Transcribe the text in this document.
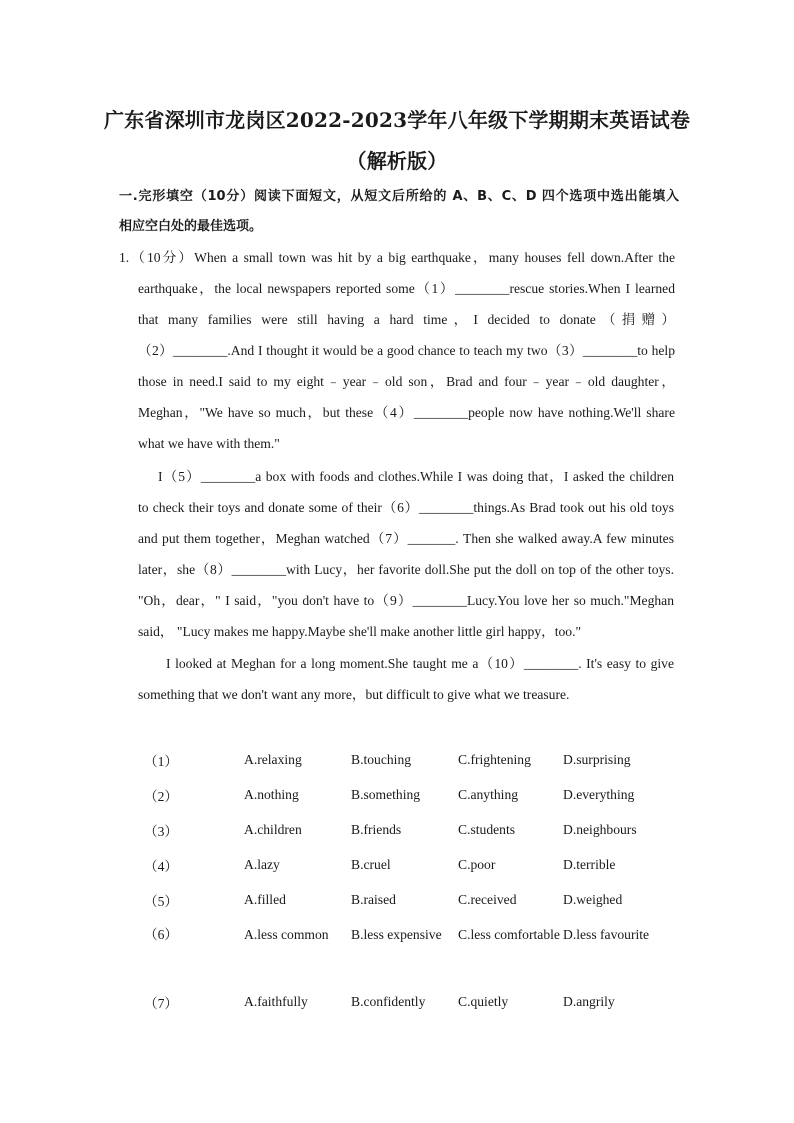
广东省深圳市龙岗区2022-2023学年八年级下学期期末英语试卷
（解析版）
一.完形填空（10分）阅读下面短文，从短文后所给的 A、B、C、D 四个选项中选出能填入
相应空白处的最佳选项。
1.（10分）When a small town was hit by a big earthquake，many houses fell down.After the
earthquake，the local newspapers reported some（1）________rescue stories.When I learned
that many families were still having a hard time，I decided to donate（捐赠）
（2）________.And I thought it would be a good chance to teach my two（3）________to help
those in need.I said to my eight﹣year﹣old son，Brad and four﹣year﹣old daughter，
Meghan，"We have so much，but these（4）________people now have nothing.We'll share
what we have with them."
I（5）________a box with foods and clothes.While I was doing that，I asked the children
to check their toys and donate some of their（6）________things.As Brad took out his old toys
and put them together，Meghan watched（7）_______. Then she walked away.A few minutes
later，she（8）________with Lucy，her favorite doll.She put the doll on top of the other toys.
"Oh，dear，" I said，"you don't have to（9）________Lucy.You love her so much."Meghan
said， "Lucy makes me happy.Maybe she'll make another little girl happy，too."
I looked at Meghan for a long moment.She taught me a（10）________. It's easy to give
something that we don't want any more，but difficult to give what we treasure.
（1）	A.relaxing	B.touching	C.frightening	D.surprising
（2）	A.nothing	B.something	C.anything	D.everything
（3）	A.children	B.friends	C.students	D.neighbours
（4）	A.lazy	B.cruel	C.poor	D.terrible
（5）	A.filled	B.raised	C.received	D.weighed
（6）	A.less common	B.less expensive	C.less comfortable D.less favourite
（7）	A.faithfully	B.confidently	C.quietly	D.angrily
